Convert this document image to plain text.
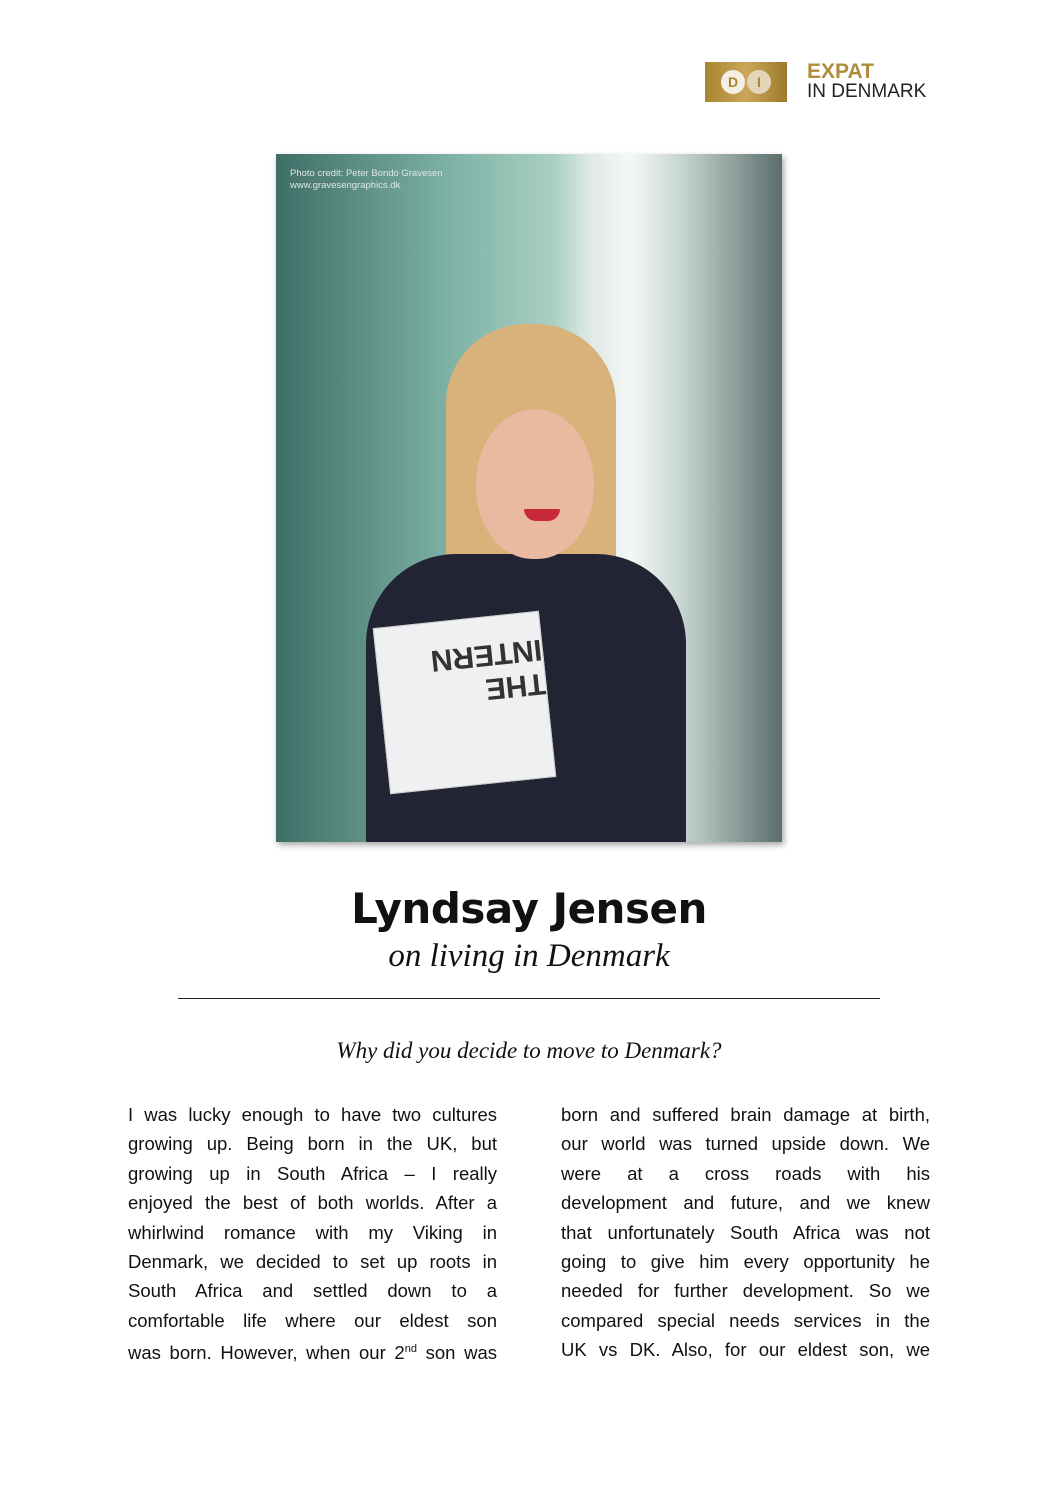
D	I	EXPAT
IN DENMARK
THE INTERN
Photo credit: Peter Bondo Gravesen
www.gravesengraphics.dk
Lyndsay Jensen
on living in Denmark
Why did you decide to move to Denmark?
I was lucky enough to have two cultures
growing up. Being born in the UK, but
growing up in South Africa – I really
enjoyed the best of both worlds. After a
whirlwind romance with my Viking in
Denmark, we decided to set up roots in
South Africa and settled down to a
comfortable life where our eldest son
was born. However, when our 2nd son was
born and suffered brain damage at birth,
our world was turned upside down. We
were at a cross roads with his
development and future, and we knew
that unfortunately South Africa was not
going to give him every opportunity he
needed for further development. So we
compared special needs services in the
UK vs DK. Also, for our eldest son, we
